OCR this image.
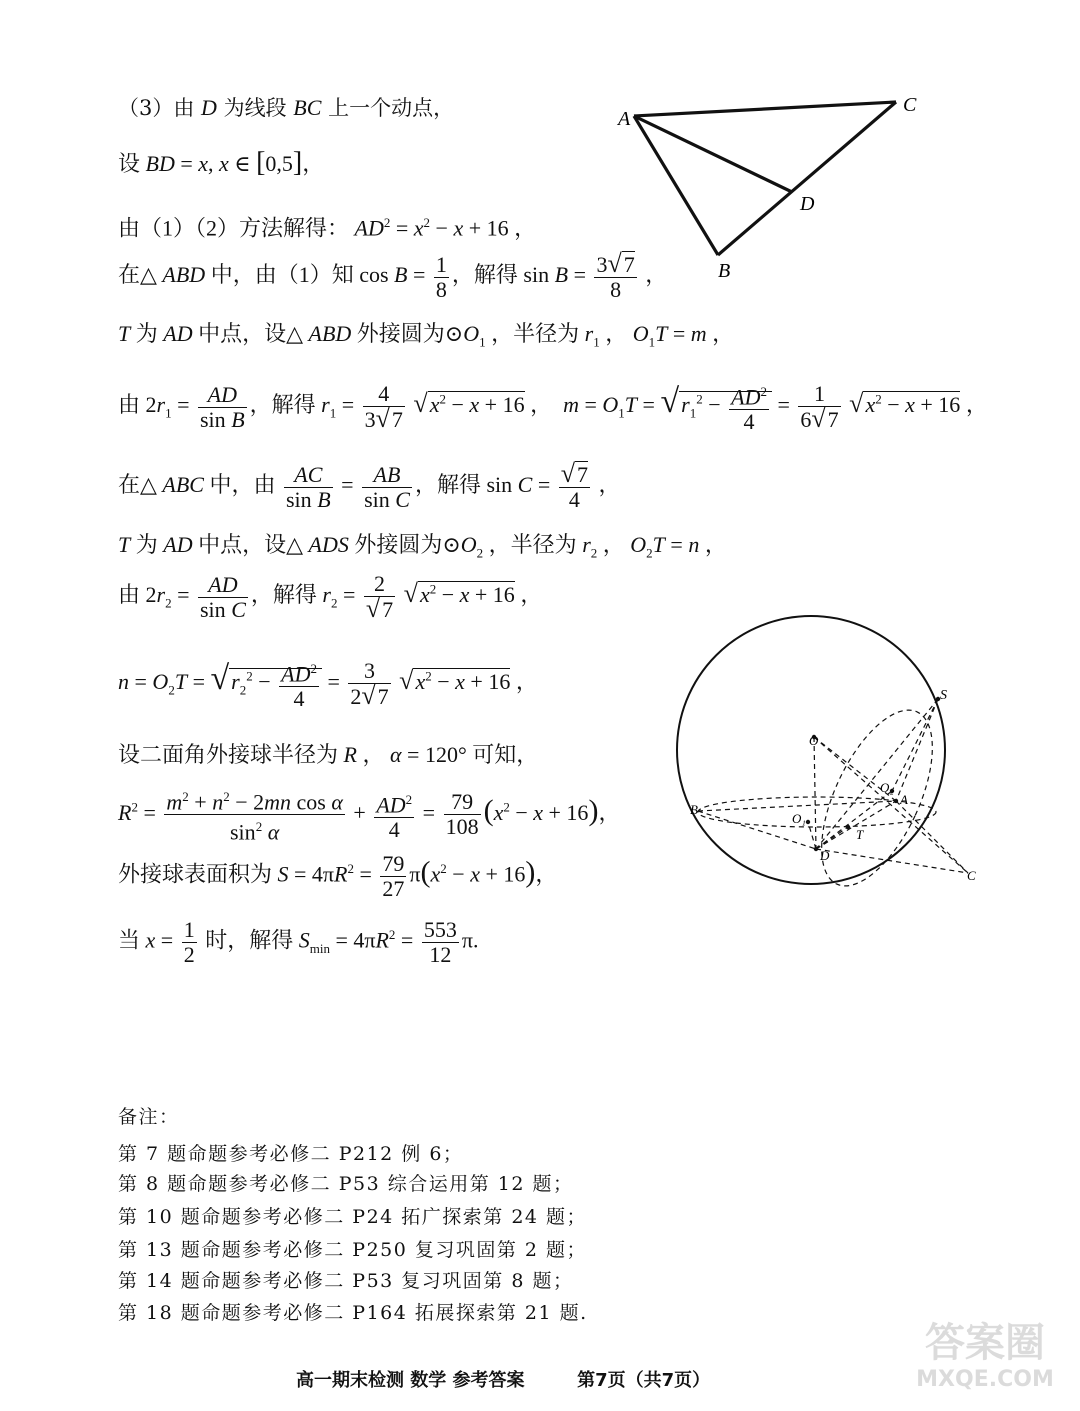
（3）由 D 为线段 BC 上一个动点，
设 BD = x, x ∈ [0,5]，
由（1）（2）方法解得： $AD^2 = x^2 - x + 16$ ，
在△ ABD 中，由（1）知 $\cos B = \frac{1}{8}$ ，解得 $\sin B = \frac{3√7}{8}$ ，
T 为 AD 中点，设△ ABD 外接圆为$⊙O_1$ ，半径为 $r_1$ ， $O_1T = m$ ，
由 $2r_1 = \frac{AD}{\text{sin B}}$ ，解得 $r_1 = \frac{4}{3√7} √x^2 - x + 16$ ，  $m = O_1T = √r_1^2 - \frac{AD^2}{4} = \frac{1}{6√7} √x^2 - x + 16$ ，
在△ ABC 中，由 $\frac{AC}{\text{sin B}} = \frac{AB}{\text{sin C}}$ ，解得 $\sin C = \frac{√7}{4}$ ，
T 为 AD 中点，设△ ADS 外接圆为$⊙O_2$ ，半径为 $r_2$ ， $O_2T = n$ ，
由 $2r_2 = \frac{AD}{\text{sin C}}$ ，解得 $r_2 = \frac{2}{√7} √x^2 - x + 16$ ，
$n = O_2T = √r_2^2 - \frac{AD^2}{4} = \frac{3}{2√7} √x^2 - x + 16$ ，
设二面角外接球半径为 R ， α = 120° 可知，
$R^2 = \frac{m^2 + n^2 - 2mn \cos \alpha}{\sin^2 \alpha} + \frac{AD^2}{4} = \frac{79}{108} (x^2 - x + 16)$，
外接球表面积为 $S = 4\pi R^2 = \frac{79}{27} \pi(x^2 - x + 16)$，
当 $x = \frac{1}{2}$ 时，解得 $S_{min} = 4\pi R^2 = \frac{553}{12} \pi$.
A
C
D
B
S
O
O₂
A
B
O₁
T
D
C
备注：
第 7 题命题参考必修二 P212 例 6；
第 8 题命题参考必修二 P53 综合运用第 12 题；
第 10 题命题参考必修二 P24 拓广探索第 24 题；
第 13 题命题参考必修二 P250 复习巩固第 2 题；
第 14 题命题参考必修二 P53 复习巩固第 8 题；
第 18 题命题参考必修二 P164 拓展探索第 21 题.
高一期末检测 数学 参考答案	第7页（共7页）
答案圈
MXQE.COM
